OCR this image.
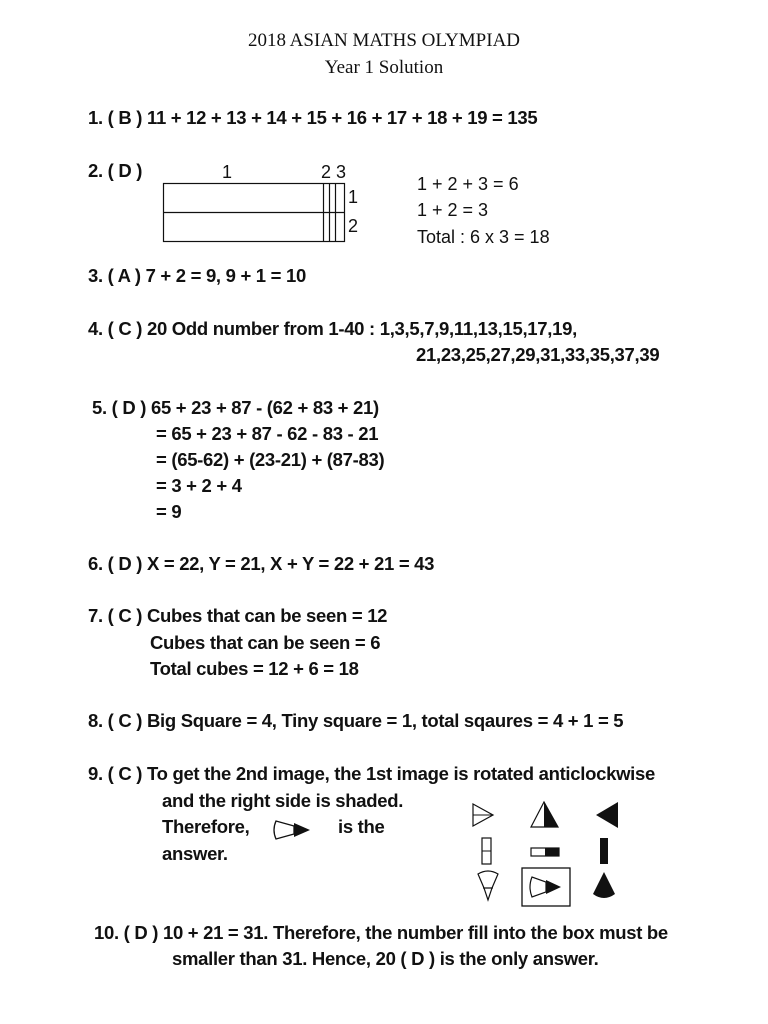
2018 ASIAN MATHS OLYMPIAD
Year 1 Solution
1. ( B ) 11 + 12 + 13 + 14 + 15 + 16 + 17 + 18 + 19 = 135
2. ( D )	1	2 3
1
2
1 + 2 + 3 = 6
1 + 2 = 3
Total : 6 x 3 = 18
3. ( A ) 7 + 2 = 9, 9 + 1 = 10
4. ( C ) 20 Odd number from 1-40 : 1,3,5,7,9,11,13,15,17,19,
21,23,25,27,29,31,33,35,37,39
5. ( D ) 65 + 23 + 87 - (62 + 83 + 21)
= 65 + 23 + 87 - 62 - 83 - 21
= (65-62) + (23-21) + (87-83)
= 3 + 2 + 4
= 9
6. ( D ) X = 22, Y = 21, X + Y = 22 + 21 = 43
7. ( C ) Cubes that can be seen = 12
Cubes that can be seen = 6
Total cubes = 12 + 6 = 18
8. ( C ) Big Square = 4, Tiny square = 1, total sqaures = 4 + 1 = 5
9. ( C ) To get the 2nd image, the 1st image is rotated anticlockwise
and the right side is shaded.
Therefore,	is the
answer.
10. ( D ) 10 + 21 = 31. Therefore, the number fill into the box must be
smaller than 31. Hence, 20 ( D ) is the only answer.
